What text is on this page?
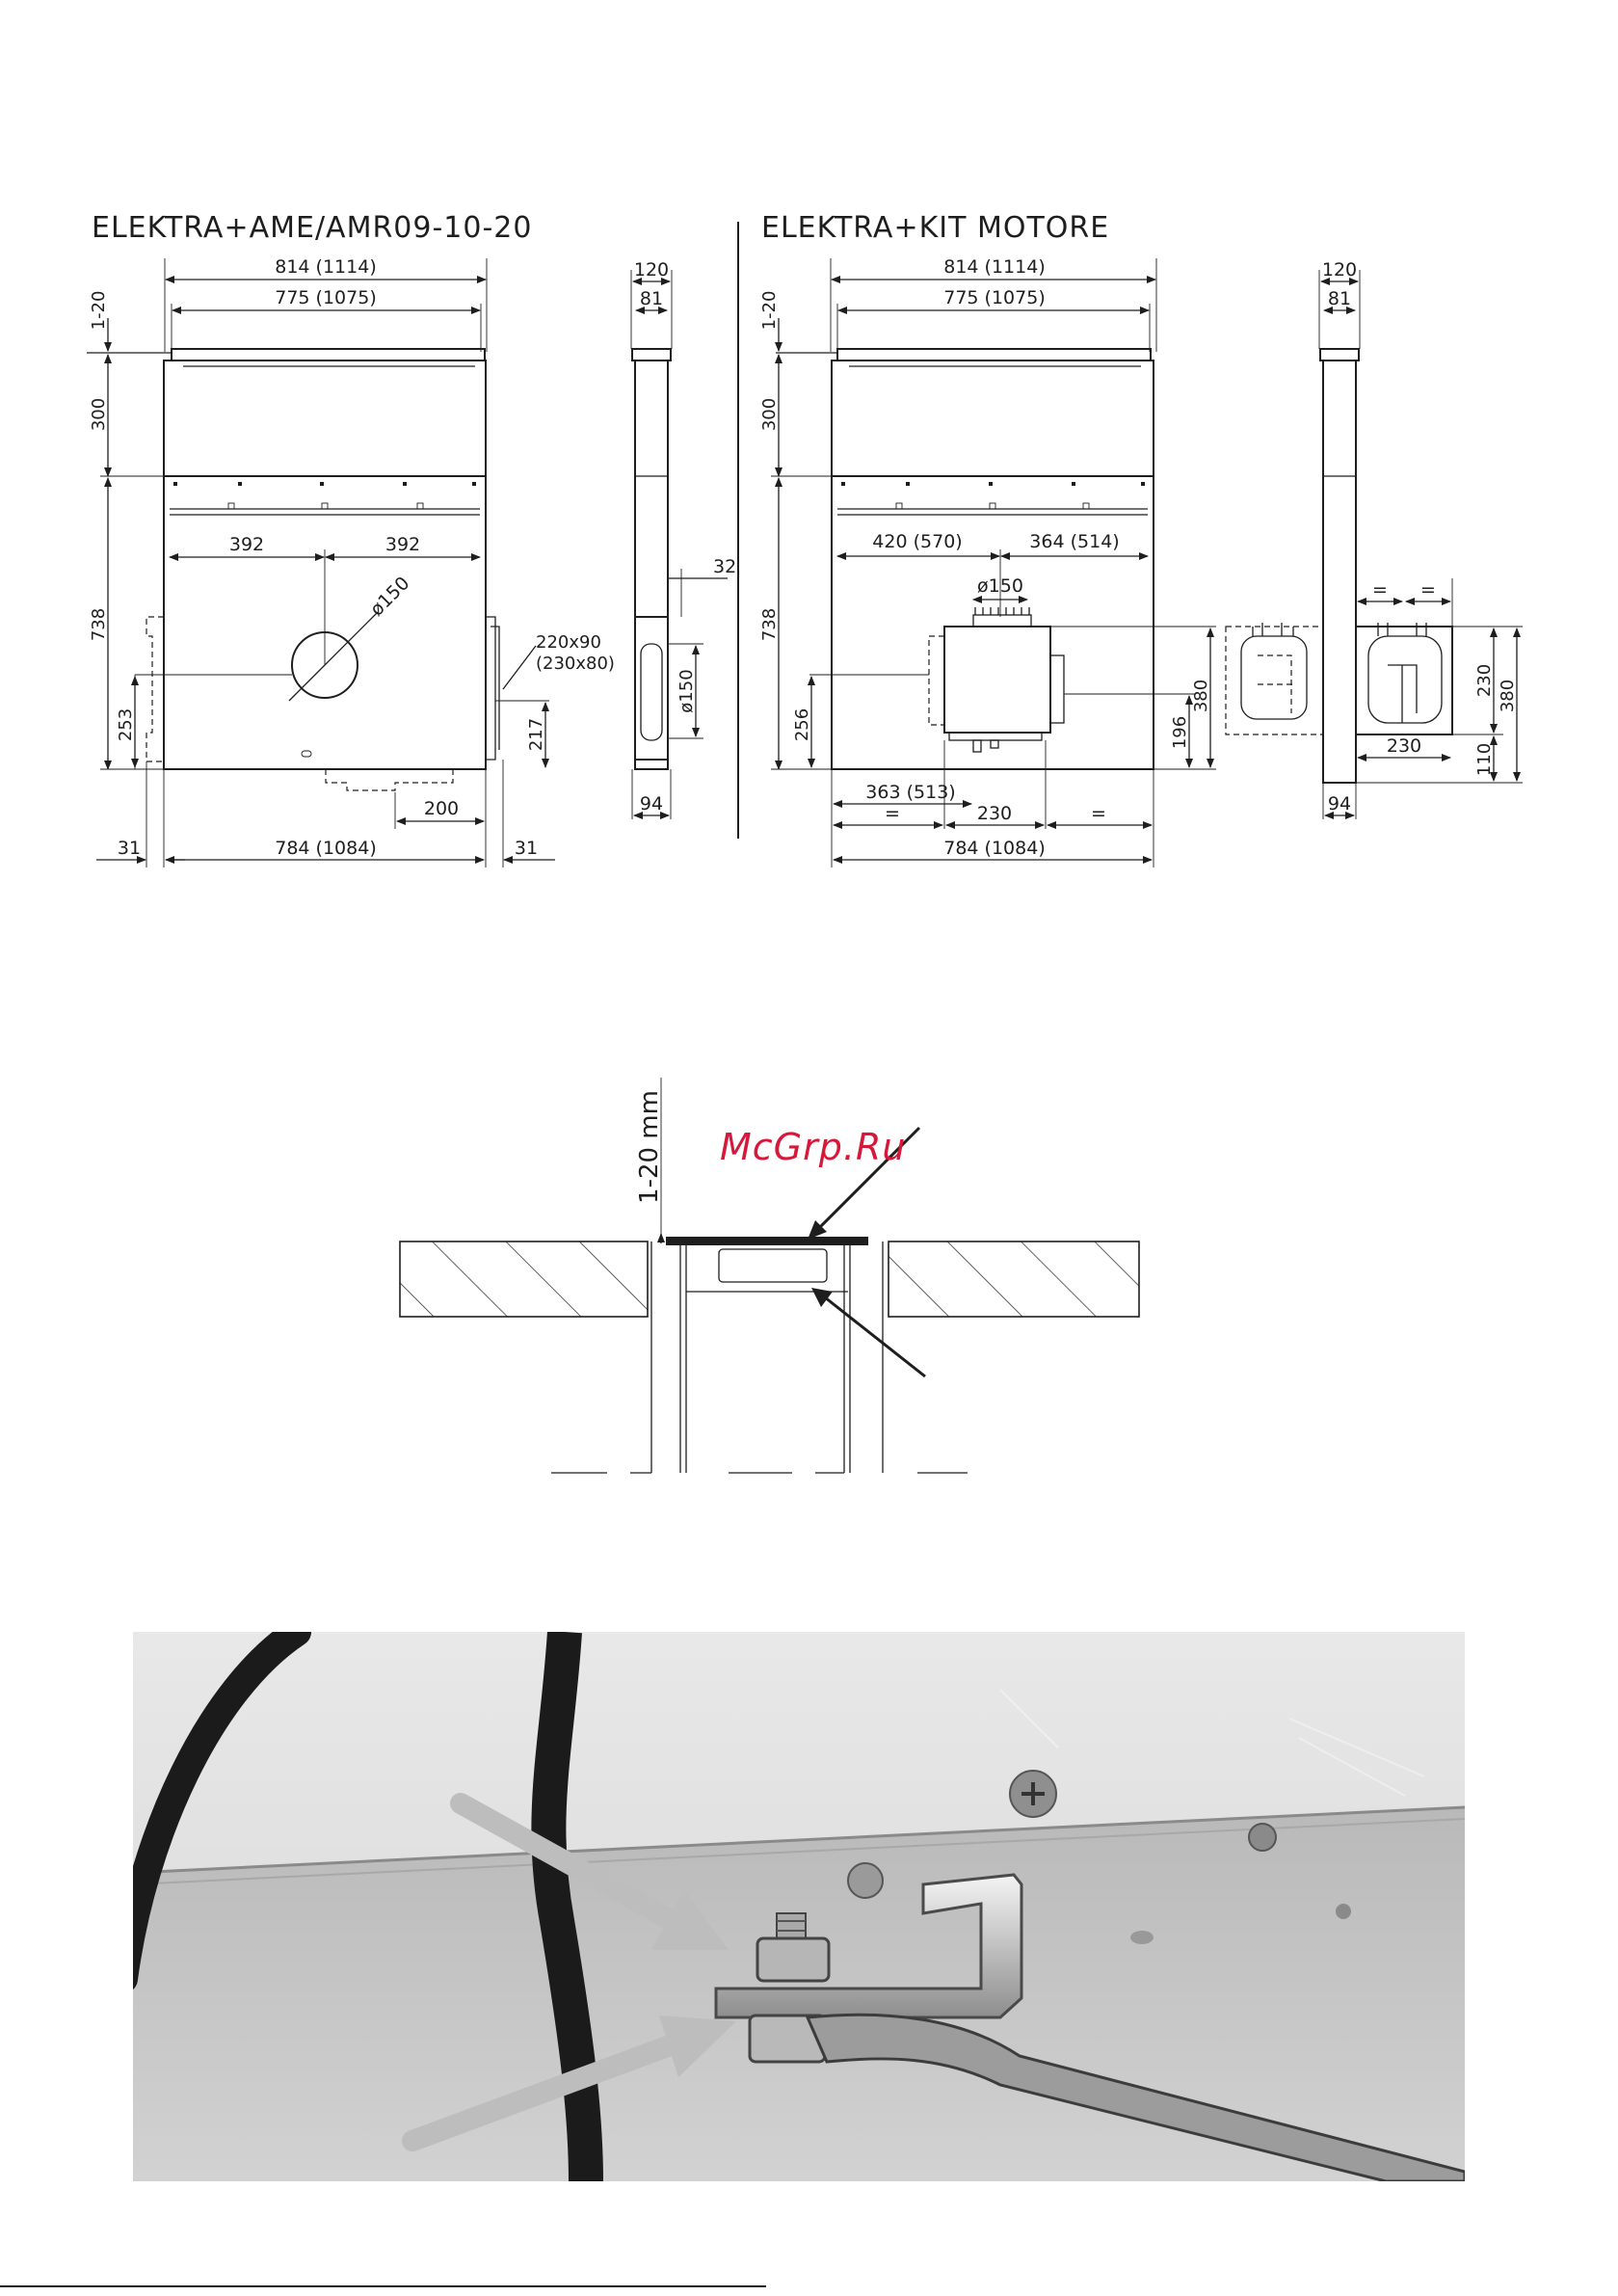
ELEKTRA+AME/AMR09-10-20
814 (1114)
775 (1075)
1-20
300
738
392	392
ø150
253
220x90
(230x80)
217
200
784 (1084)
31	31
120
81
32
ø150
94
ELEKTRA+KIT MOTORE
814 (1114)
775 (1075)
1-20
300
738
420 (570)	364 (514)
ø150
196
380
256
363 (513)
=	230	=
784 (1084)
120
81
= =
230
110
380
230
94
1-20 mm McGrp.Ru
